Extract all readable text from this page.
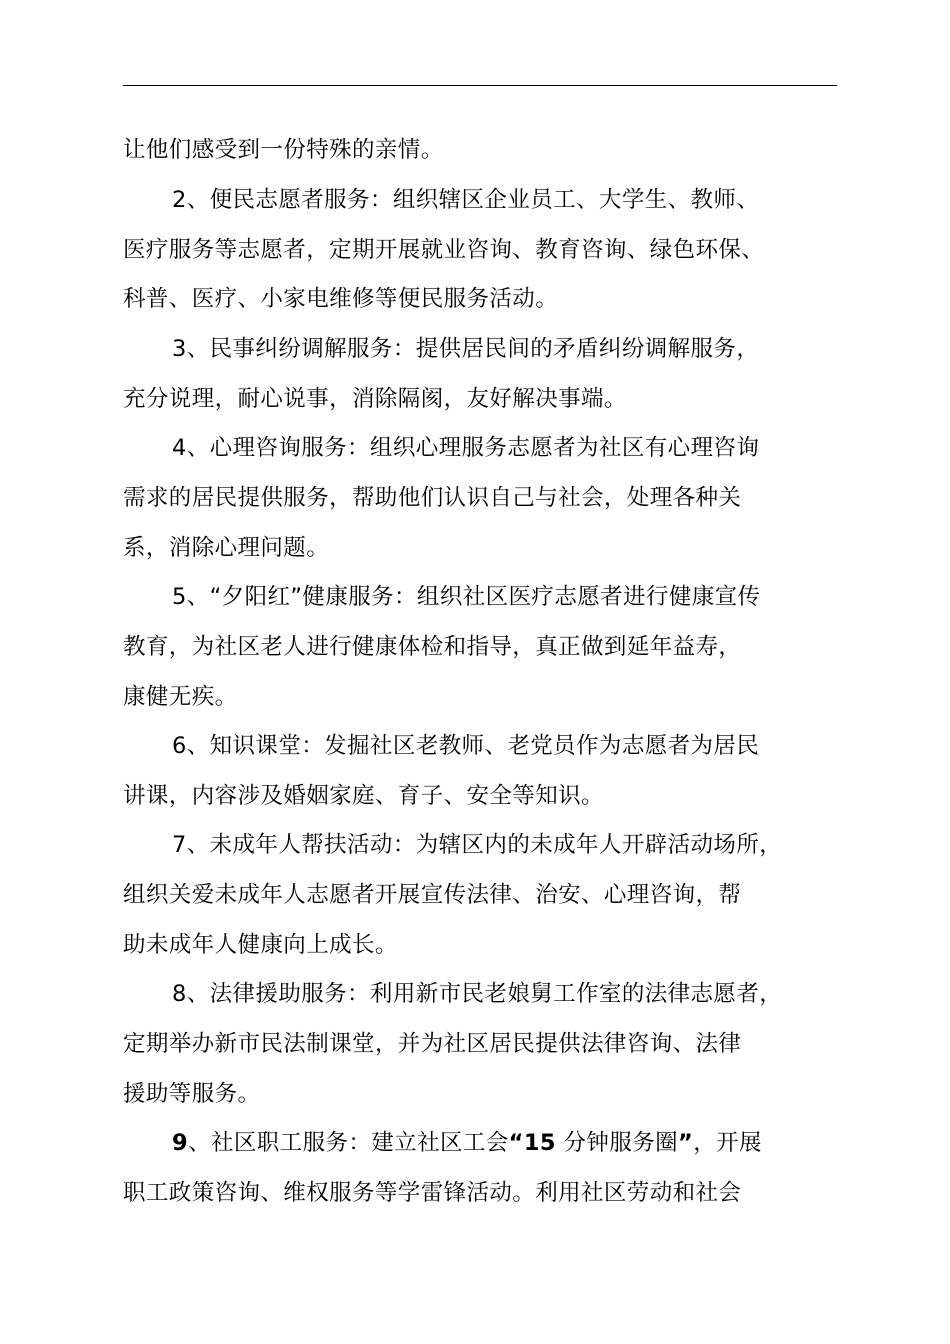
让他们感受到一份特殊的亲情。
2、便民志愿者服务：组织辖区企业员工、大学生、教师、
医疗服务等志愿者，定期开展就业咨询、教育咨询、绿色环保、
科普、医疗、小家电维修等便民服务活动。
3、民事纠纷调解服务：提供居民间的矛盾纠纷调解服务，
充分说理，耐心说事，消除隔阂，友好解决事端。
4、心理咨询服务：组织心理服务志愿者为社区有心理咨询
需求的居民提供服务，帮助他们认识自己与社会，处理各种关
系，消除心理问题。
5、“夕阳红”健康服务：组织社区医疗志愿者进行健康宣传
教育，为社区老人进行健康体检和指导，真正做到延年益寿，
康健无疾。
6、知识课堂：发掘社区老教师、老党员作为志愿者为居民
讲课，内容涉及婚姻家庭、育子、安全等知识。
7、未成年人帮扶活动：为辖区内的未成年人开辟活动场所，
组织关爱未成年人志愿者开展宣传法律、治安、心理咨询，帮
助未成年人健康向上成长。
8、法律援助服务：利用新市民老娘舅工作室的法律志愿者，
定期举办新市民法制课堂，并为社区居民提供法律咨询、法律
援助等服务。
9、社区职工服务：建立社区工会“15 分钟服务圈”，开展
职工政策咨询、维权服务等学雷锋活动。利用社区劳动和社会
